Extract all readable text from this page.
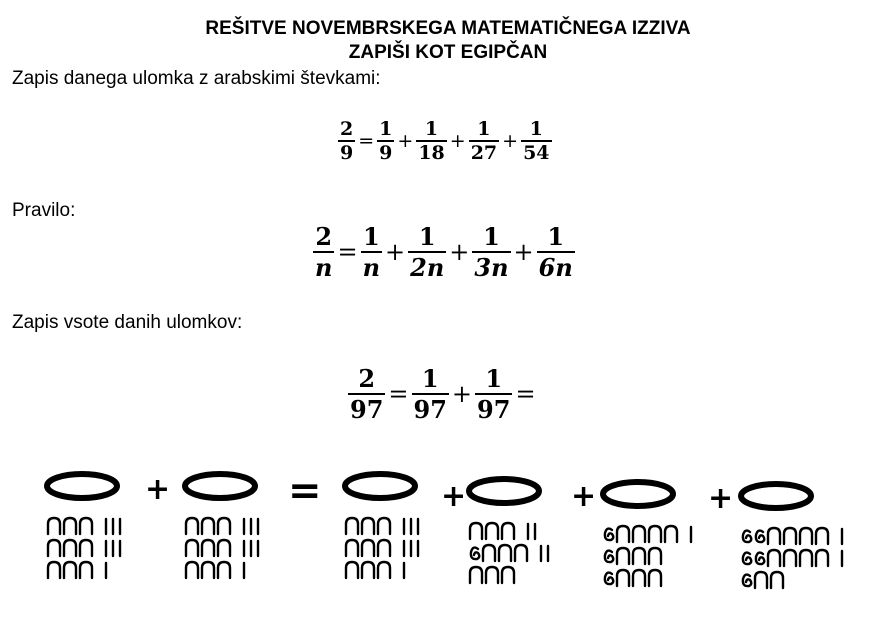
REŠITVE NOVEMBRSKEGA MATEMATIČNEGA IZZIVA
ZAPIŠI KOT EGIPČAN
Zapis danega ulomka z arabskimi števkami:
$\frac{2}{9} = \frac{1}{9} + \frac{1}{18} + \frac{1}{27} + \frac{1}{54}$
Pravilo:
$\frac{2}{n} = \frac{1}{n} + \frac{1}{2n} + \frac{1}{3n} + \frac{1}{6n}$
Zapis vsote danih ulomkov:
$\frac{2}{97} = \frac{1}{97} + \frac{1}{97}$ =
+	=	+	+	+
